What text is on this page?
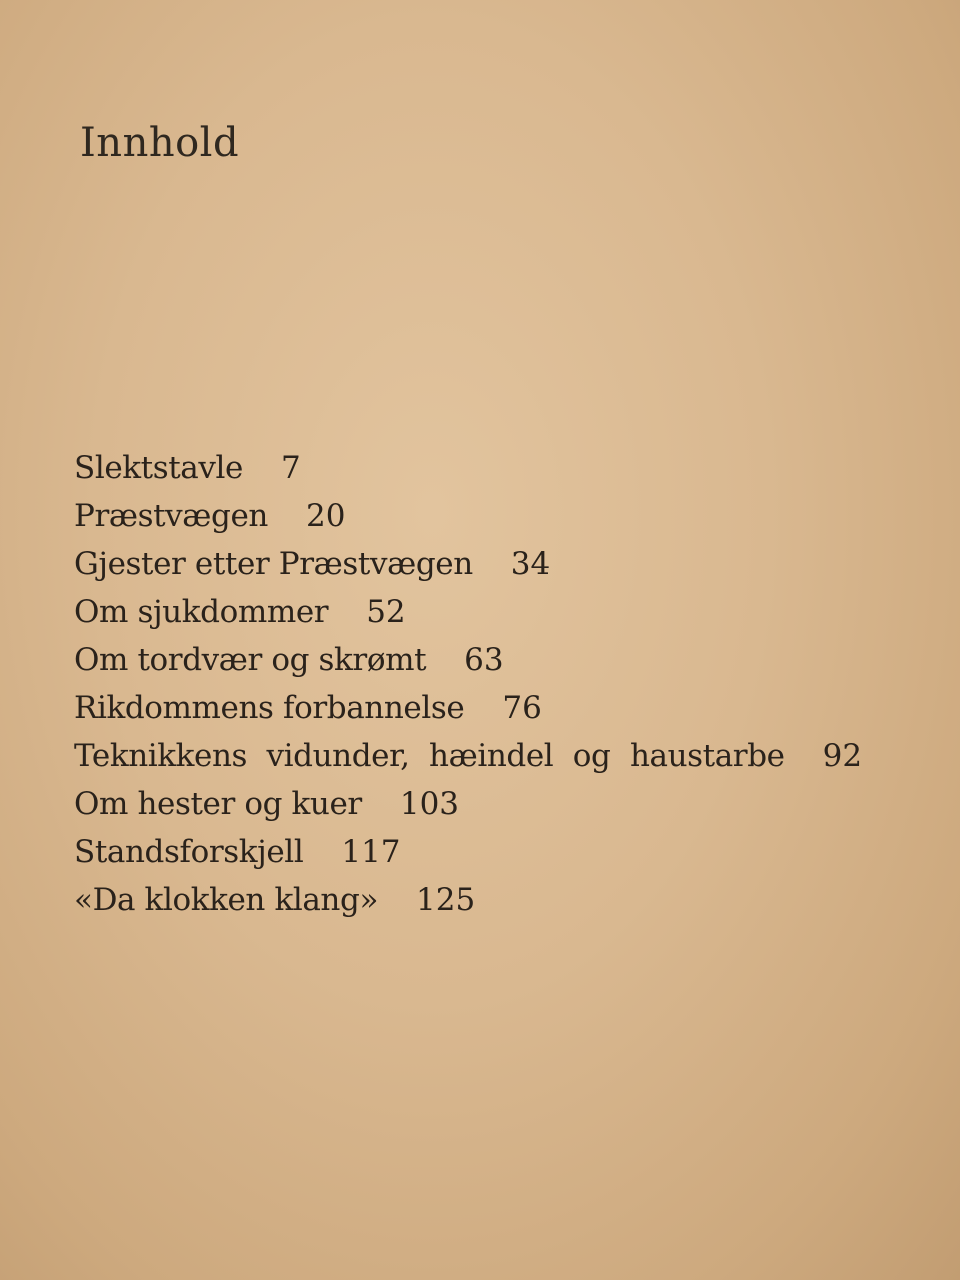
Innhold
Slektstavle 7
Præstvægen 20
Gjester etter Præstvægen 34
Om sjukdommer 52
Om tordvær og skrømt 63
Rikdommens forbannelse 76
Teknikkens vidunder, hæindel og haustarbe 92
Om hester og kuer 103
Standsforskjell 117
«Da klokken klang» 125
